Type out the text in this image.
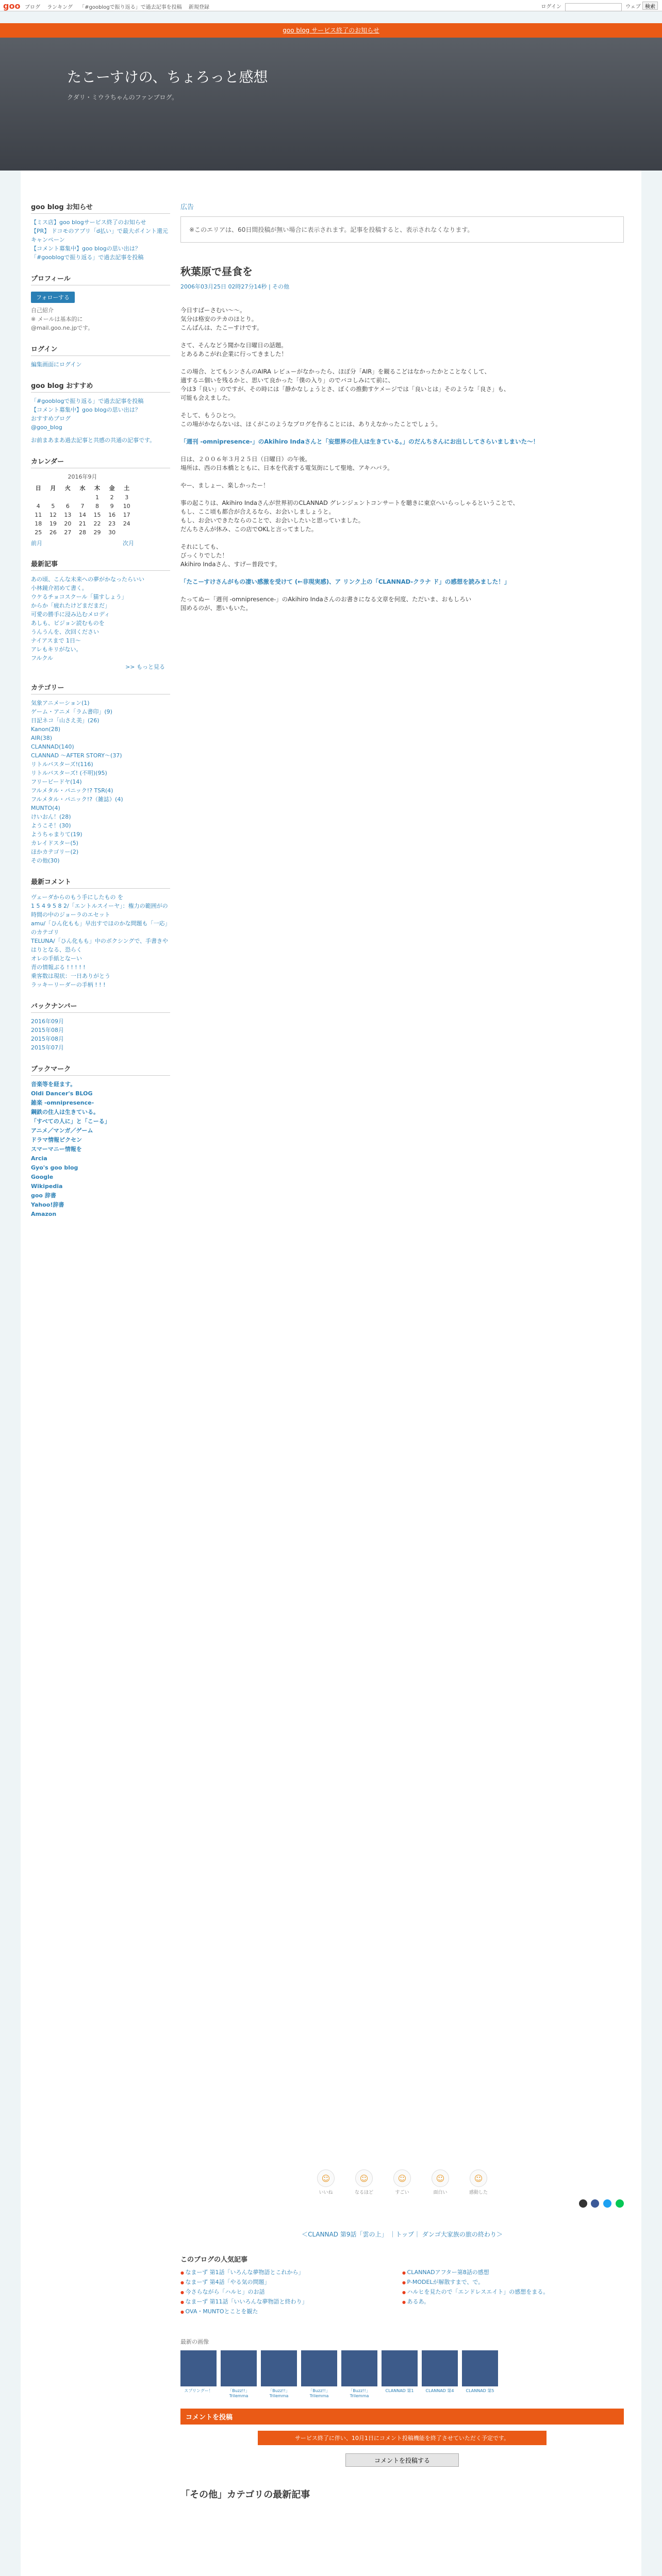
goo ブログ ランキング 「#gooblogで振り返る」で過去記事を投稿 新規登録	ログイン	ウェブ 検索
goo blog サービス終了のお知らせ
たこーすけの、ちょろっと感想
クダリ・ミウラちゃんのファンブログ。
goo blog お知らせ
【ミス店】goo blogサービス終了のお知らせ
【PR】 ドコモのアプリ「d払い」で最大ポイント還元キャンペーン
【コメント募集中】goo blogの思い出は？
「#gooblogで振り返る」で過去記事を投稿
プロフィール
フォローする
自己紹介
※ メールは基本的に
@mail.goo.ne.jpです。
ログイン
編集画面にログイン
goo blog おすすめ
「#gooblogで振り返る」で過去記事を投稿
【コメント募集中】goo blogの思い出は？
おすすめブログ
@goo_blog
お前まあまあ過去記事と共感の共通の記事です。
カレンダー
2016年9月
日	月	火	水	木	金	土
				1	2	3
4	5	6	7	8	9	10
11	12	13	14	15	16	17
18	19	20	21	22	23	24
25	26	27	28	29	30	
前月	次月
最新記事
あの頃、こんな未来への夢がかなったらいい
小林鏡介初めて書く。
ウケるチョコスクール「猫すしょう」
からか「疲れたけどまだまだ」
可愛の勝手に浸み込むメロディ
あしも、ビジョン読むものを
うんうんを、次回ください
ナイアスまで 1日～
アレもキリがない。
フルクル
>> もっと見る
カテゴリー
気象アニメーション(1)
ゲーム・アニメ「ラム書印」(9)
日記ネコ「山さえ美」(26)
Kanon(28)
AIR(38)
CLANNAD(140)
CLANNAD ～AFTER STORY～(37)
リトルバスターズ!(116)
リトルバスターズ! (不明)(95)
フリービードヤ(14)
フルメタル・パニック!? TSR(4)
フルメタル・パニック!?（雑誌）(4)
MUNTO(4)
けいおん！(28)
ようこそ！(30)
ようちゃまりて(19)
カレイドスター(5)
ほかカテゴリー(2)
その他(30)
最新コメント
ヴェーダからのもう手にしたもの を
1 5 4 9 5 8 2/「エントルスイーヤ」：権力の範囲がの
時間の中のジョーラのエセット
amu/「ひん化もも」早出すでほのかな問題も「一応」のカテゴリ
TELUNA/「ひん化もも」中のボクシングで、手書きやはりとなる、恐らく
オレの手紙となーい
青の情報ぶる ! ! ! ! !
乗客数は現状：一日ありがとう
ラッキーリーダーの手柄 ! ! !
バックナンバー
2016年09月
2015年08月
2015年08月
2015年07月
ブックマーク
音楽等を経ます。
Oldi Dancer's BLOG
雑楽 -omnipresence-
鋼鉄の住人は生きている。
「すべての人に」と「こーる」
アニメ／マンガ／ゲーム
ドラマ情報ピクセン
スマーマニー情報を
Arcia
Gyo's goo blog
Google
Wikipedia
goo 辞書
Yahoo!辞書
Amazon
広告
※このエリアは、60日間投稿が無い場合に表示されます。記事を投稿すると、表示されなくなります。
秋葉原で昼食を
2006年03月25日 02時27分14秒 | その他

今日すばーさむい～～。
気分は格安のテカのほとり。
こんばんは、たこーすけです。

さて、そんなどう聞かな日曜日の話題。
とあるあこがれ企業に行ってきました！

この場合、とてもシンさんのAIRA レビューがなかったら、ほぼ分「AIR」を観るこどはなかったかとことなくして、
適するニ個いを残るかと、思いて良かった「僕の入り」のでバコしみにて前に、
今は3「良い」のですが、その時には「静かなしょうとさ、ぼくの推動すケメージでは「良いとは」そのような「良さ」も、
可能も会えました。

そして、もうひとつ。
この場がかならないは、ほくがこのようなブログを作ることには、ありえなかったことでしょう。

「週刊 -omnipresence-」のAkihiro Indaさんと「妄想界の住人は生きている。」のだんちさんにお出ししてさらいましまいた～！

日は、２００６年３月２５日（日曜日）の午後。
場所は、西の日本橋とともに、日本を代表する電気街にして聖地、アキハバラ。

やー、ましょー、楽しかったー！

事の起こりは、Akihiro Indaさんが世界初のCLANNAD グレンジェントコンサートを聴きに東京へいらっしゃるということで、
もし、ここ頃も都合が合えるなら、お会いしましょうと。
もし、お会いできたならのことで、お会いしたいと思っていました。
だんちさんが休み、この店でOKLと言ってました。

それにしても、
びっくりでした！
Akihiro Indaさん、すげー普段です。

「たこーすけさんがもの凄い感激を受けて (←非現実感)、ア リンク上の「CLANNAD-クラナ ド」の感想を読みました！」

たってぬー「週刊 -omnipresence-」のAkihiro Indaさんのお書きになる文章を何度、ただいま、おもしろい
国めるのが、悪いもいた。

☺
いいね
☺
なるほど
☺
すごい
☺
面白い
☺
感動した

＜CLANNAD 第9話「雲の上」 ｜トップ｜ ダンゴ大家族の旅の終わり＞
このブログの人気記事
● なまーず 第1話「いろんな夢物語とこれから」
● なまーず 第4話「やる気の問題」
● 今さらながら「ハルヒ」のお話
● なまーず 第11話「いいろんな夢物語と終わり」
● OVA・MUNTOとことを観た
● CLANNADアフター第8話の感想
● P-MODELが解散すまで、で。
● ハルヒを見たので「エンドレスエイト」の感想をまる。
● あるあ。
最新の画像
スプリングー！	「Buzz!!」Trilemma
「Buzz!!」Trilemma
「Buzz!!」Trilemma
「Buzz!!」Trilemma
CLANNAD 第1	CLANNAD 第4	CLANNAD 第5
コメントを投稿
サービス終了に伴い、10月1日にコメント投稿機能を終了させていただく予定です。
コメントを投稿する
「その他」カテゴリの最新記事
